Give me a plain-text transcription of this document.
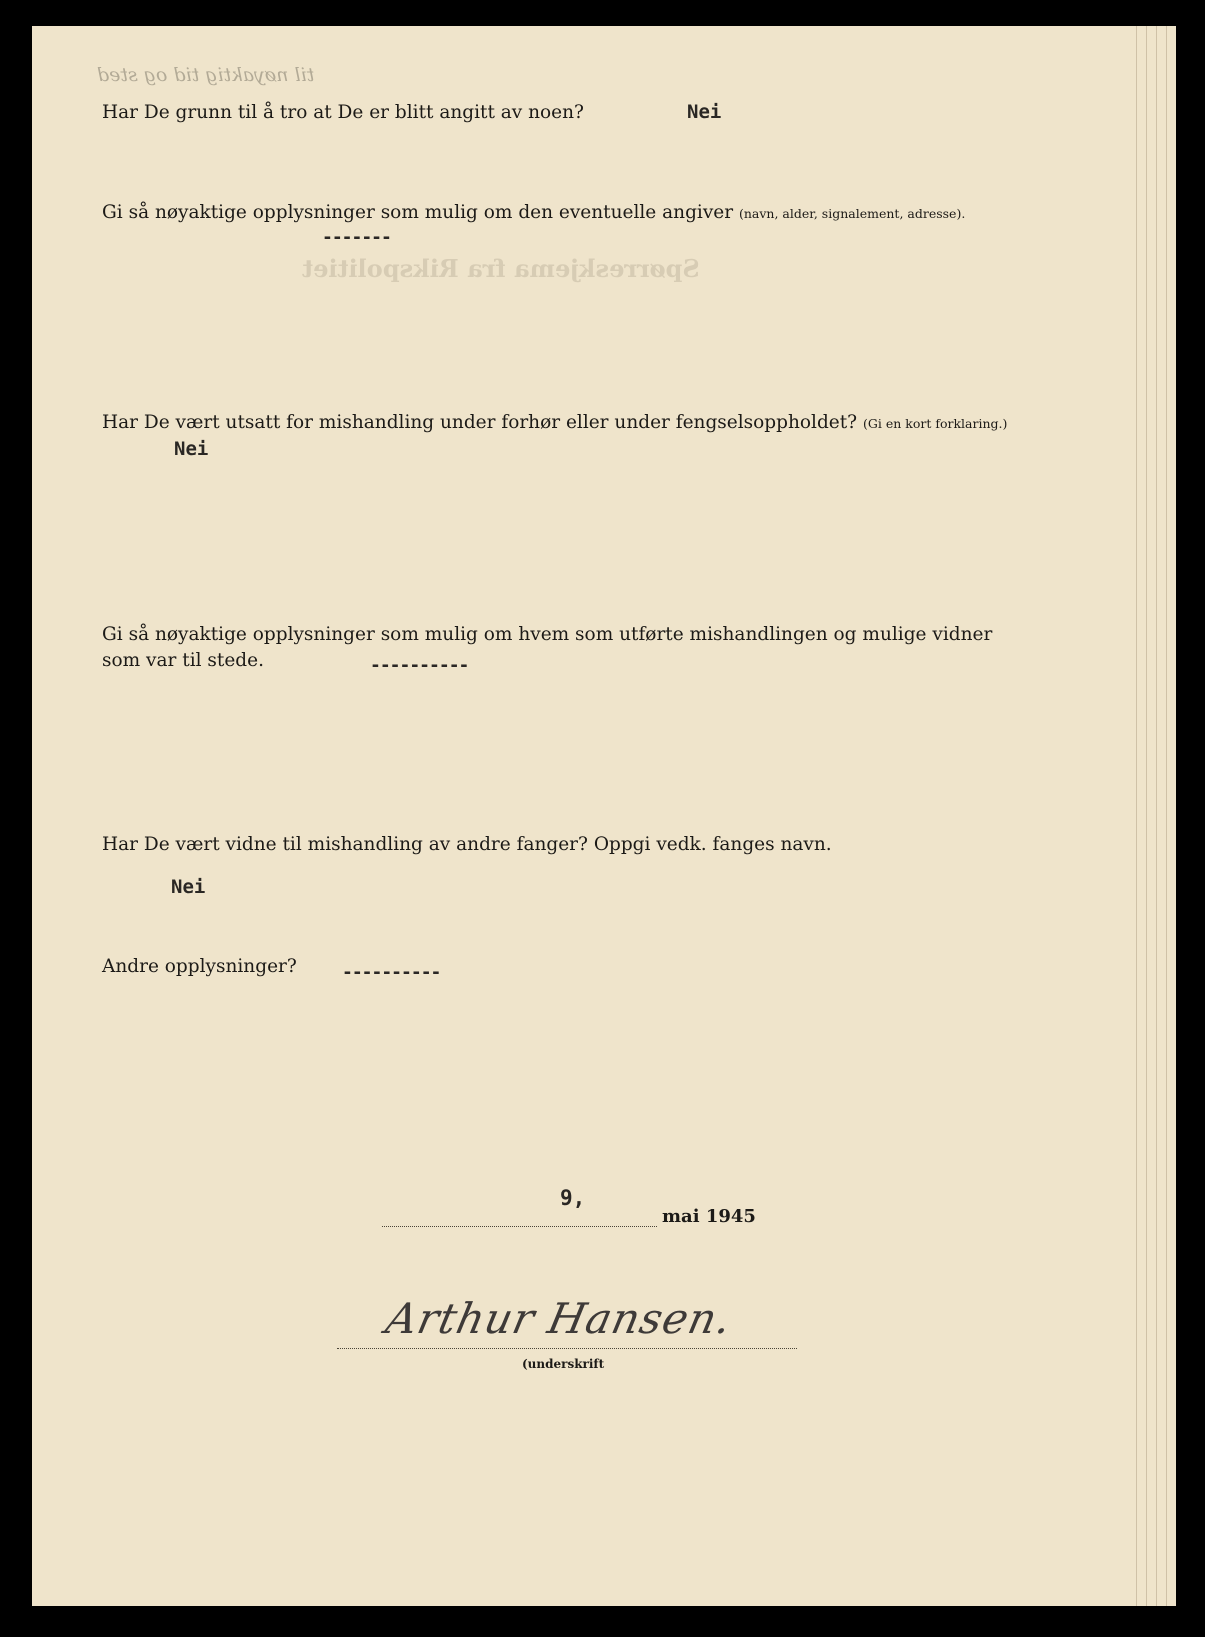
til nøyaktig tid og sted
Spørreskjema fra Rikspolitiet
Har De grunn til å tro at De er blitt angitt av noen?	Nei
Gi så nøyaktige opplysninger som mulig om den eventuelle angiver (navn, alder, signalement, adresse).
-------
Har De vært utsatt for mishandling under forhør eller under fengselsoppholdet? (Gi en kort forklaring.)
Nei
Gi så nøyaktige opplysninger som mulig om hvem som utførte mishandlingen og mulige vidner
som var til stede.	----------
Har De vært vidne til mishandling av andre fanger? Oppgi vedk. fanges navn.
Nei
Andre opplysninger?	----------
9,
mai 1945
Arthur Hansen.
(underskrift
